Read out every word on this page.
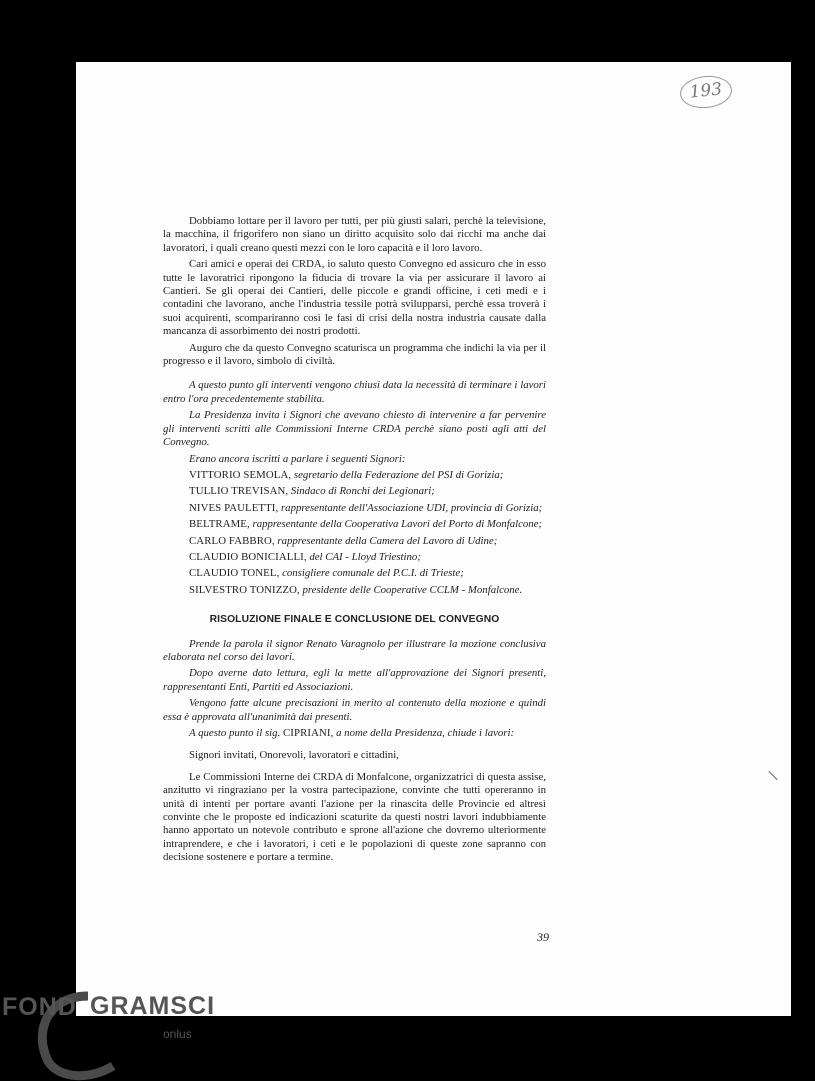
193

Dobbiamo lottare per il lavoro per tutti, per più giusti salari, perchè la televisione, la macchina, il frigorifero non siano un diritto acquisito solo dai ricchi ma anche dai lavoratori, i quali creano questi mezzi con le loro capacità e il loro lavoro.

Cari amici e operai dei CRDA, io saluto questo Convegno ed assicuro che in esso tutte le lavoratrici ripongono la fiducia di trovare la via per assicurare il lavoro ai Cantieri. Se gli operai dei Cantieri, delle piccole e grandi officine, i ceti medi e i contadini che lavorano, anche l'industria tessile potrà svilupparsi, perchè essa troverà i suoi acquirenti, scompariranno così le fasi di crisi della nostra industria causate dalla mancanza di assorbimento dei nostri prodotti.

Auguro che da questo Convegno scaturisca un programma che indichi la via per il progresso e il lavoro, simbolo di civiltà.

A questo punto gli interventi vengono chiusi data la necessità di terminare i lavori entro l'ora precedentemente stabilita.

La Presidenza invita i Signori che avevano chiesto di intervenire a far pervenire gli interventi scritti alle Commissioni Interne CRDA perchè siano posti agli atti del Convegno.

Erano ancora iscritti a parlare i seguenti Signori:

VITTORIO SEMOLA, segretario della Federazione del PSI di Gorizia;

TULLIO TREVISAN, Sindaco di Ronchi dei Legionari;

NIVES PAULETTI, rappresentante dell'Associazione UDI, provincia di Gorizia;

BELTRAME, rappresentante della Cooperativa Lavori del Porto di Monfalcone;

CARLO FABBRO, rappresentante della Camera del Lavoro di Udine;

CLAUDIO BONICIALLI, del CAI - Lloyd Triestino;

CLAUDIO TONEL, consigliere comunale del P.C.I. di Trieste;

SILVESTRO TONIZZO, presidente delle Cooperative CCLM - Monfalcone.

RISOLUZIONE FINALE E CONCLUSIONE DEL CONVEGNO

Prende la parola il signor Renato Varagnolo per illustrare la mozione conclusiva elaborata nel corso dei lavori.

Dopo averne dato lettura, egli la mette all'approvazione dei Signori presenti, rappresentanti Enti, Partiti ed Associazioni.

Vengono fatte alcune precisazioni in merito al contenuto della mozione e quindi essa è approvata all'unanimità dai presenti.

A questo punto il sig. CIPRIANI, a nome della Presidenza, chiude i lavori:

Signori invitati, Onorevoli, lavoratori e cittadini,

Le Commissioni Interne dei CRDA di Monfalcone, organizzatrici di questa assise, anzitutto vi ringraziano per la vostra partecipazione, convinte che tutti opereranno in unità di intenti per portare avanti l'azione per la rinascita delle Provincie ed altresì convinte che le proposte ed indicazioni scaturite da questi nostri lavori indubbiamente hanno apportato un notevole contributo e sprone all'azione che dovremo ulteriormente intraprendere, e che i lavoratori, i ceti e le popolazioni di queste zone sapranno con decisione sostenere e portare a termine.

39
FOND GRAMSCI
onlus
